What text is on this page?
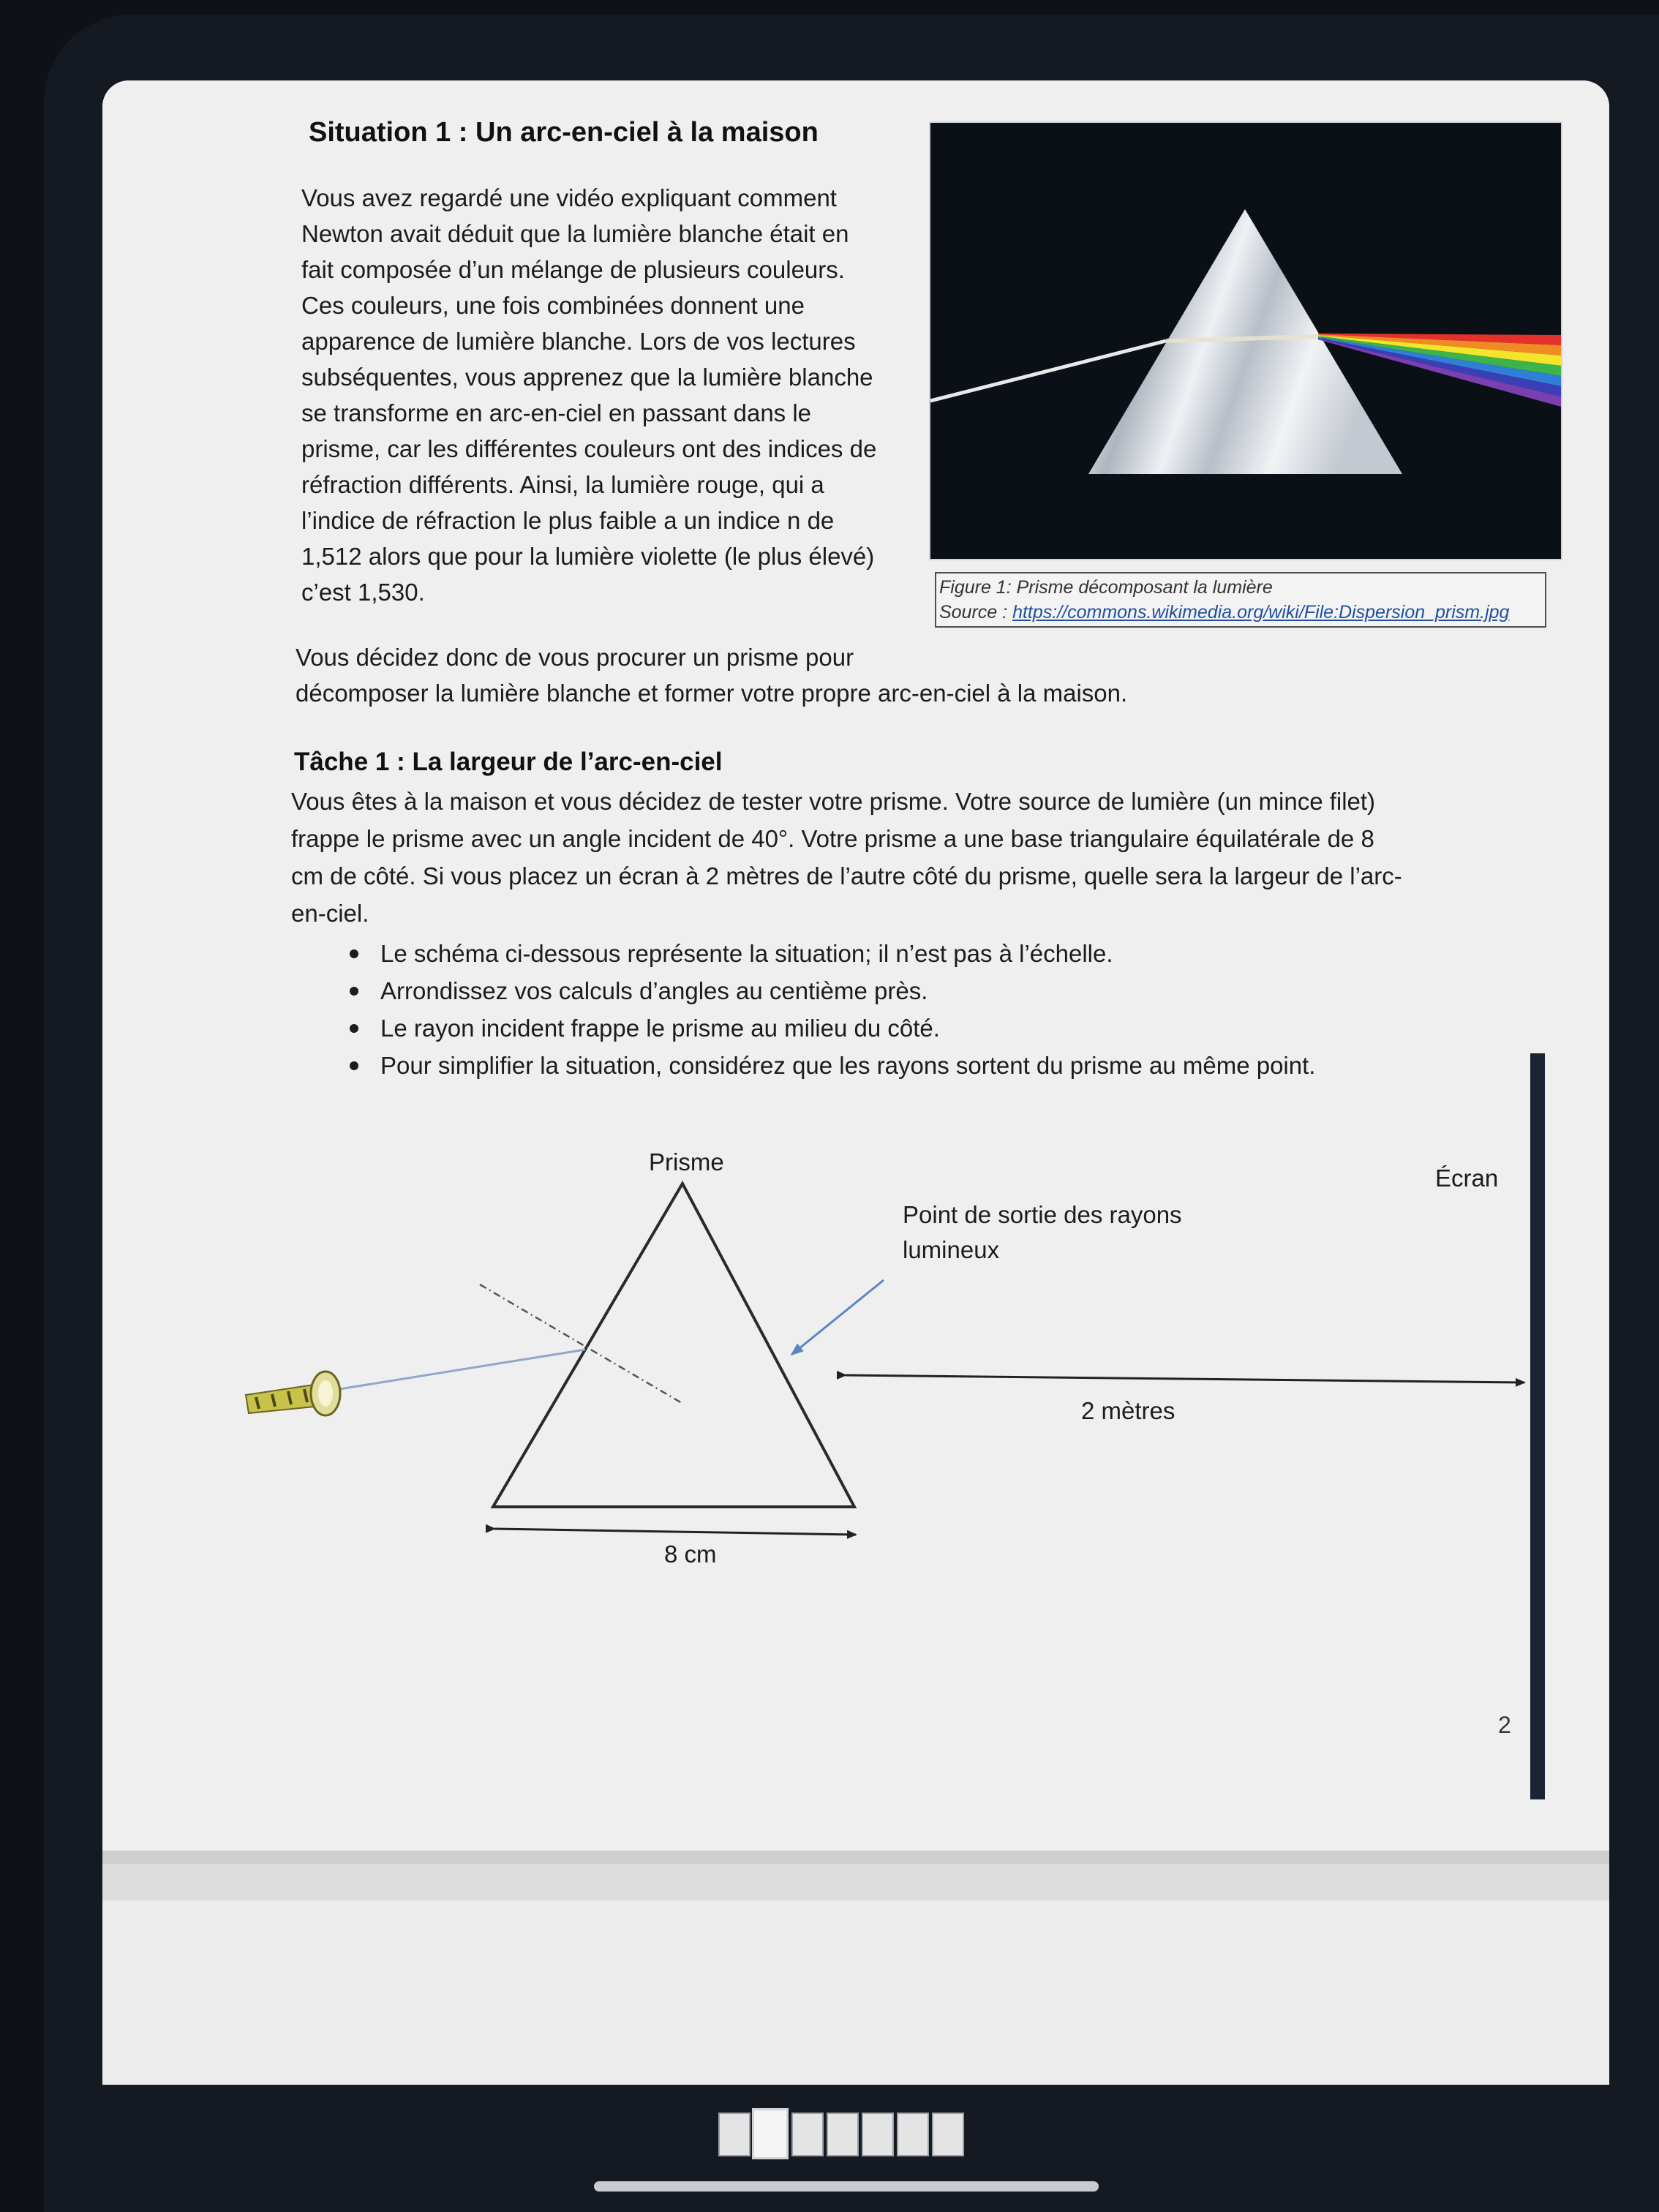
Situation 1 : Un arc-en-ciel à la maison
Vous avez regardé une vidéo expliquant comment
Newton avait déduit que la lumière blanche était en
fait composée d’un mélange de plusieurs couleurs.
Ces couleurs, une fois combinées donnent une
apparence de lumière blanche. Lors de vos lectures
subséquentes, vous apprenez que la lumière blanche
se transforme en arc-en-ciel en passant dans le
prisme, car les différentes couleurs ont des indices de
réfraction différents. Ainsi, la lumière rouge, qui a
l’indice de réfraction le plus faible a un indice n de
1,512 alors que pour la lumière violette (le plus élevé)
c’est 1,530.
Vous décidez donc de vous procurer un prisme pour
décomposer la lumière blanche et former votre propre arc-en-ciel à la maison.
Figure 1: Prisme décomposant la lumière
Source : https://commons.wikimedia.org/wiki/File:Dispersion_prism.jpg
Tâche 1 : La largeur de l’arc-en-ciel
Vous êtes à la maison et vous décidez de tester votre prisme. Votre source de lumière (un mince filet)
frappe le prisme avec un angle incident de 40°. Votre prisme a une base triangulaire équilatérale de 8
cm de côté. Si vous placez un écran à 2 mètres de l’autre côté du prisme, quelle sera la largeur de l’arc-
en-ciel.
Le schéma ci-dessous représente la situation; il n’est pas à l’échelle.
Arrondissez vos calculs d’angles au centième près.
Le rayon incident frappe le prisme au milieu du côté.
Pour simplifier la situation, considérez que les rayons sortent du prisme au même point.
Prisme
Écran
Point de sortie des rayons
lumineux
2 mètres
8 cm
2
